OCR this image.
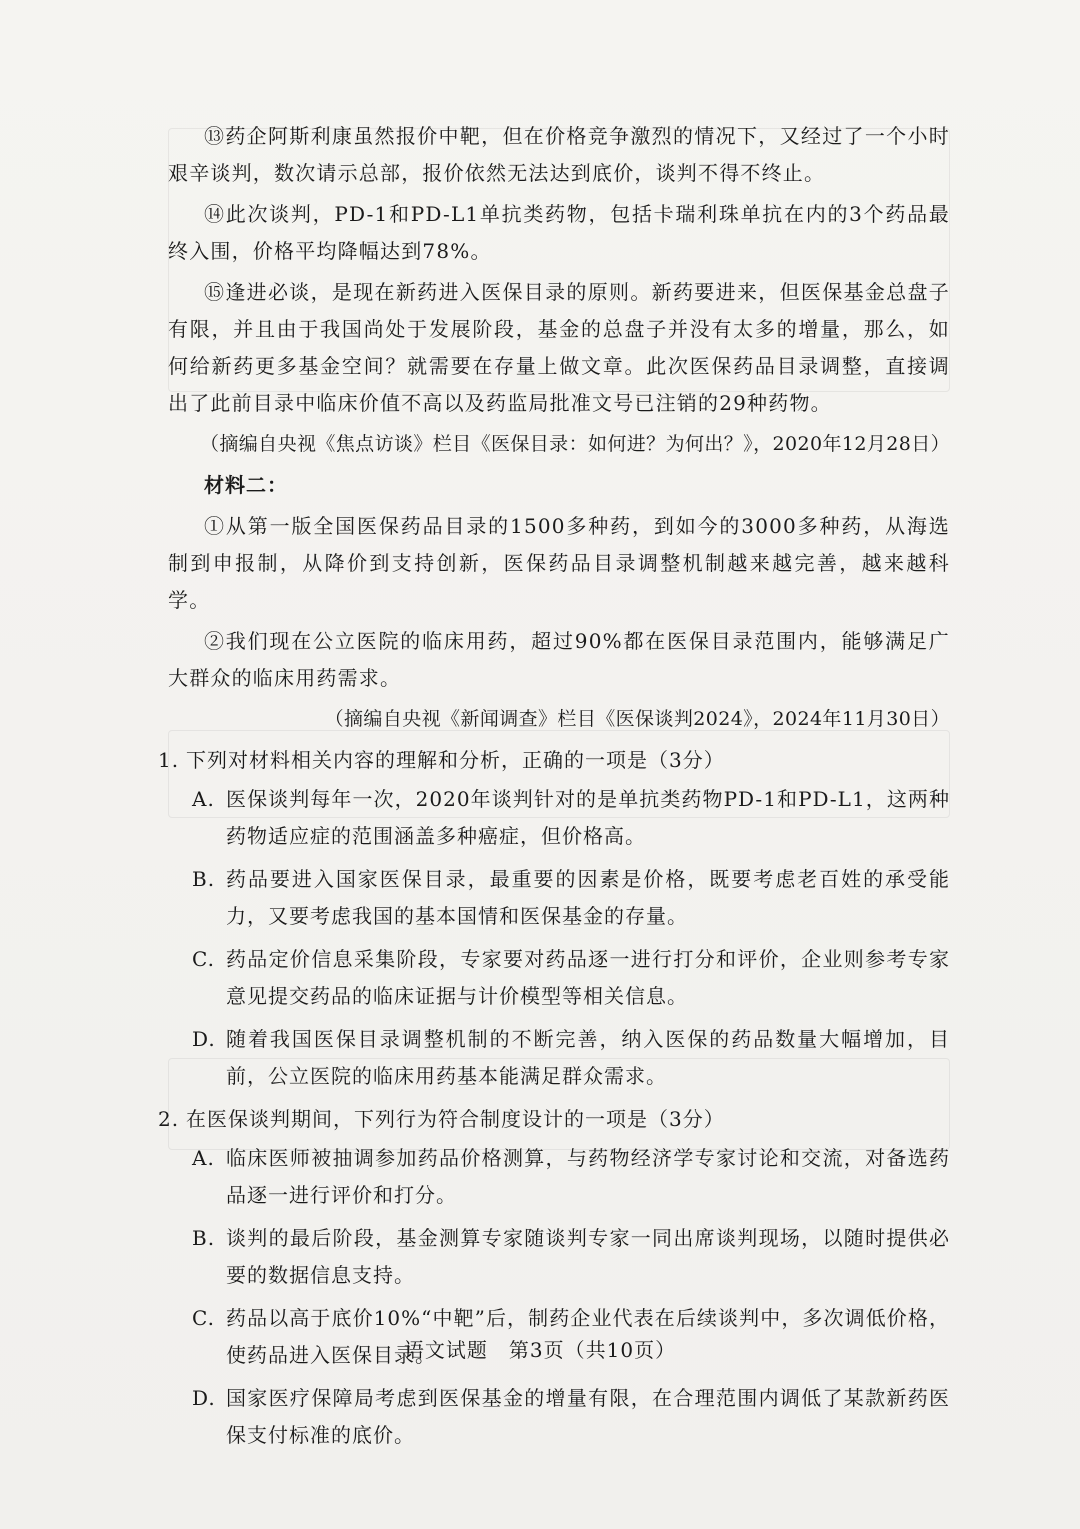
⑬药企阿斯利康虽然报价中靶，但在价格竞争激烈的情况下，又经过了一个小时艰辛谈判，数次请示总部，报价依然无法达到底价，谈判不得不终止。

⑭此次谈判，PD-1和PD-L1单抗类药物，包括卡瑞利珠单抗在内的3个药品最终入围，价格平均降幅达到78%。

⑮逢进必谈，是现在新药进入医保目录的原则。新药要进来，但医保基金总盘子有限，并且由于我国尚处于发展阶段，基金的总盘子并没有太多的增量，那么，如何给新药更多基金空间？就需要在存量上做文章。此次医保药品目录调整，直接调出了此前目录中临床价值不高以及药监局批准文号已注销的29种药物。

（摘编自央视《焦点访谈》栏目《医保目录：如何进？为何出？》，2020年12月28日）

材料二：

①从第一版全国医保药品目录的1500多种药，到如今的3000多种药，从海选制到申报制，从降价到支持创新，医保药品目录调整机制越来越完善，越来越科学。

②我们现在公立医院的临床用药，超过90%都在医保目录范围内，能够满足广大群众的临床用药需求。

（摘编自央视《新闻调查》栏目《医保谈判2024》，2024年11月30日）

1. 下列对材料相关内容的理解和分析，正确的一项是（3分）
A. 医保谈判每年一次，2020年谈判针对的是单抗类药物PD-1和PD-L1，这两种药物适应症的范围涵盖多种癌症，但价格高。
B. 药品要进入国家医保目录，最重要的因素是价格，既要考虑老百姓的承受能力，又要考虑我国的基本国情和医保基金的存量。
C. 药品定价信息采集阶段，专家要对药品逐一进行打分和评价，企业则参考专家意见提交药品的临床证据与计价模型等相关信息。
D. 随着我国医保目录调整机制的不断完善，纳入医保的药品数量大幅增加，目前，公立医院的临床用药基本能满足群众需求。
2. 在医保谈判期间，下列行为符合制度设计的一项是（3分）
A. 临床医师被抽调参加药品价格测算，与药物经济学专家讨论和交流，对备选药品逐一进行评价和打分。
B. 谈判的最后阶段，基金测算专家随谈判专家一同出席谈判现场，以随时提供必要的数据信息支持。
C. 药品以高于底价10%“中靶”后，制药企业代表在后续谈判中，多次调低价格，使药品进入医保目录。
D. 国家医疗保障局考虑到医保基金的增量有限，在合理范围内调低了某款新药医保支付标准的底价。
语文试题　第3页（共10页）
